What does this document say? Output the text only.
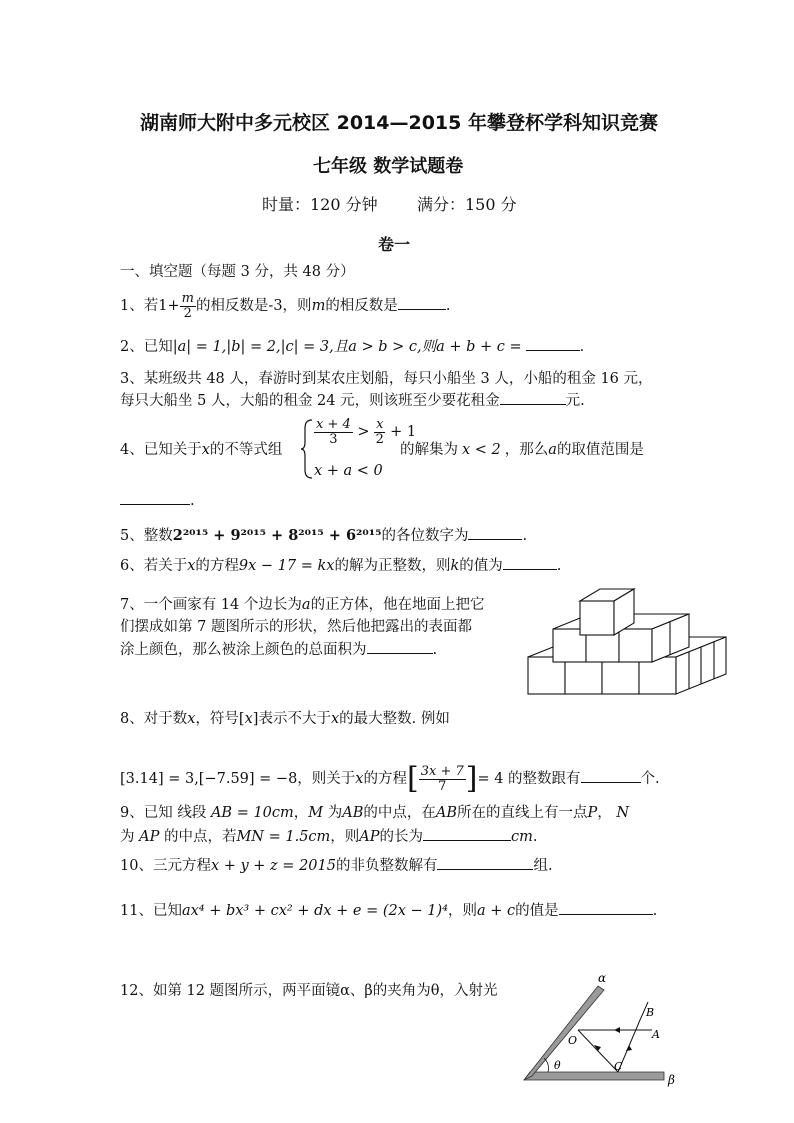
湖南师大附中多元校区 2014—2015 年攀登杯学科知识竞赛
七年级 数学试题卷
时量：120 分钟 满分：150 分
卷一
一、填空题（每题 3 分，共 48 分）
1、若$1+ \frac{m}{2}$ 的相反数是-3，则m的相反数是	.
2、已知|a| = 1,|b| = 2,|c| = 3,且a > b > c,则a + b + c =	.
3、某班级共 48 人，春游时到某农庄划船，每只小船坐 3 人，小船的租金 16 元，
每只大船坐 5 人，大船的租金 24 元，则该班至少要花租金	元.
4、已知关于x的不等式组
$\frac{x + 4}{3} > \frac{x}{2} + 1$
x + a < 0
的解集为 x < 2 ，那么a的取值范围是
.
5、整数2²⁰¹⁵ + 9²⁰¹⁵ + 8²⁰¹⁵ + 6²⁰¹⁵的各位数字为	.
6、若关于x的方程9x − 17 = kx的解为正整数，则k的值为	.
7、一个画家有 14 个边长为a的正方体，他在地面上把它
们摆成如第 7 题图所示的形状，然后他把露出的表面都
涂上颜色，那么被涂上颜色的总面积为	.
8、对于数x，符号[x]表示不大于x的最大整数. 例如
[3.14] = 3,[−7.59] = −8，则关于x的方程[ $\frac{3x + 7}{7}$ ]= 4 的整数跟有	个.
9、已知 线段 AB = 10cm，M 为AB的中点，在AB所在的直线上有一点P， N
为 AP 的中点，若MN = 1.5cm，则AP的长为	cm.
10、三元方程x + y + z = 2015的非负整数解有	组.
11、已知ax⁴ + bx³ + cx² + dx + e = (2x − 1)⁴，则a + c的值是	.
12、如第 12 题图所示，两平面镜α、β的夹角为θ，入射光
α
β
θ
O	A
B
C
